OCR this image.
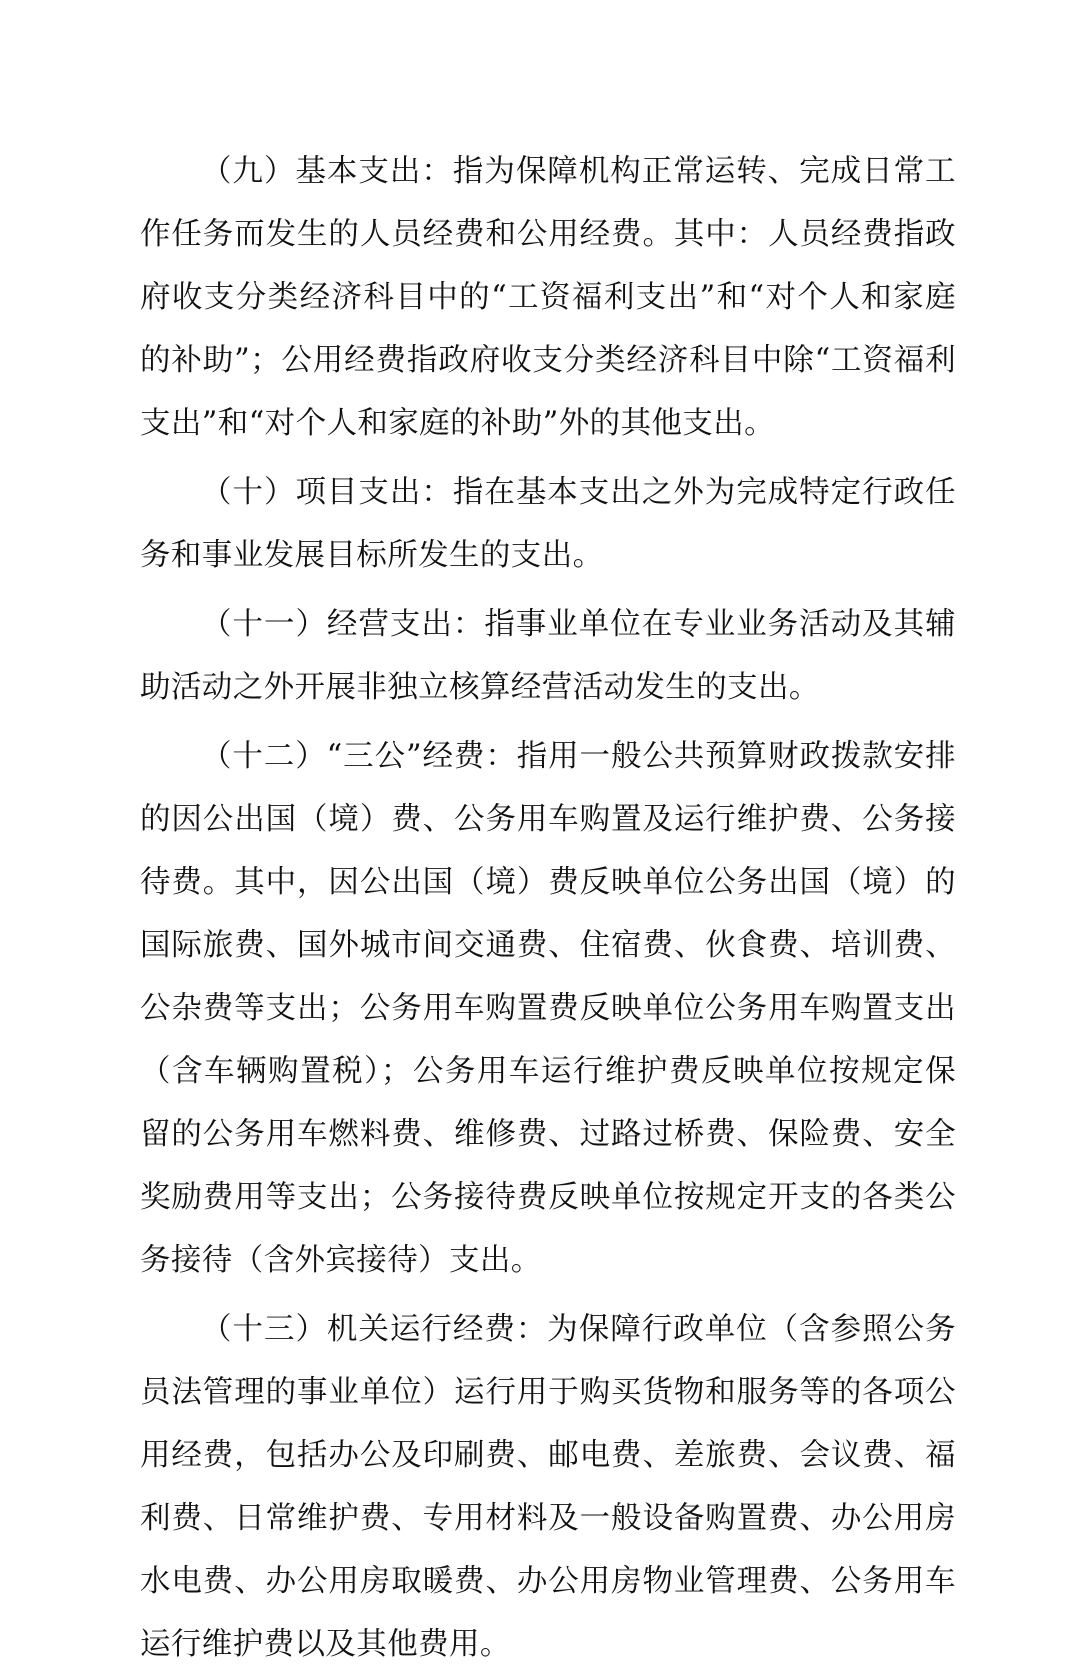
（九）基本支出：指为保障机构正常运转、完成日常工作任务而发生的人员经费和公用经费。其中：人员经费指政府收支分类经济科目中的“工资福利支出”和“对个人和家庭的补助”；公用经费指政府收支分类经济科目中除“工资福利支出”和“对个人和家庭的补助”外的其他支出。

（十）项目支出：指在基本支出之外为完成特定行政任务和事业发展目标所发生的支出。

（十一）经营支出：指事业单位在专业业务活动及其辅助活动之外开展非独立核算经营活动发生的支出。

（十二）“三公”经费：指用一般公共预算财政拨款安排的因公出国（境）费、公务用车购置及运行维护费、公务接待费。其中，因公出国（境）费反映单位公务出国（境）的国际旅费、国外城市间交通费、住宿费、伙食费、培训费、公杂费等支出；公务用车购置费反映单位公务用车购置支出（含车辆购置税）；公务用车运行维护费反映单位按规定保留的公务用车燃料费、维修费、过路过桥费、保险费、安全奖励费用等支出；公务接待费反映单位按规定开支的各类公务接待（含外宾接待）支出。

（十三）机关运行经费：为保障行政单位（含参照公务员法管理的事业单位）运行用于购买货物和服务等的各项公用经费，包括办公及印刷费、邮电费、差旅费、会议费、福利费、日常维护费、专用材料及一般设备购置费、办公用房水电费、办公用房取暖费、办公用房物业管理费、公务用车运行维护费以及其他费用。
